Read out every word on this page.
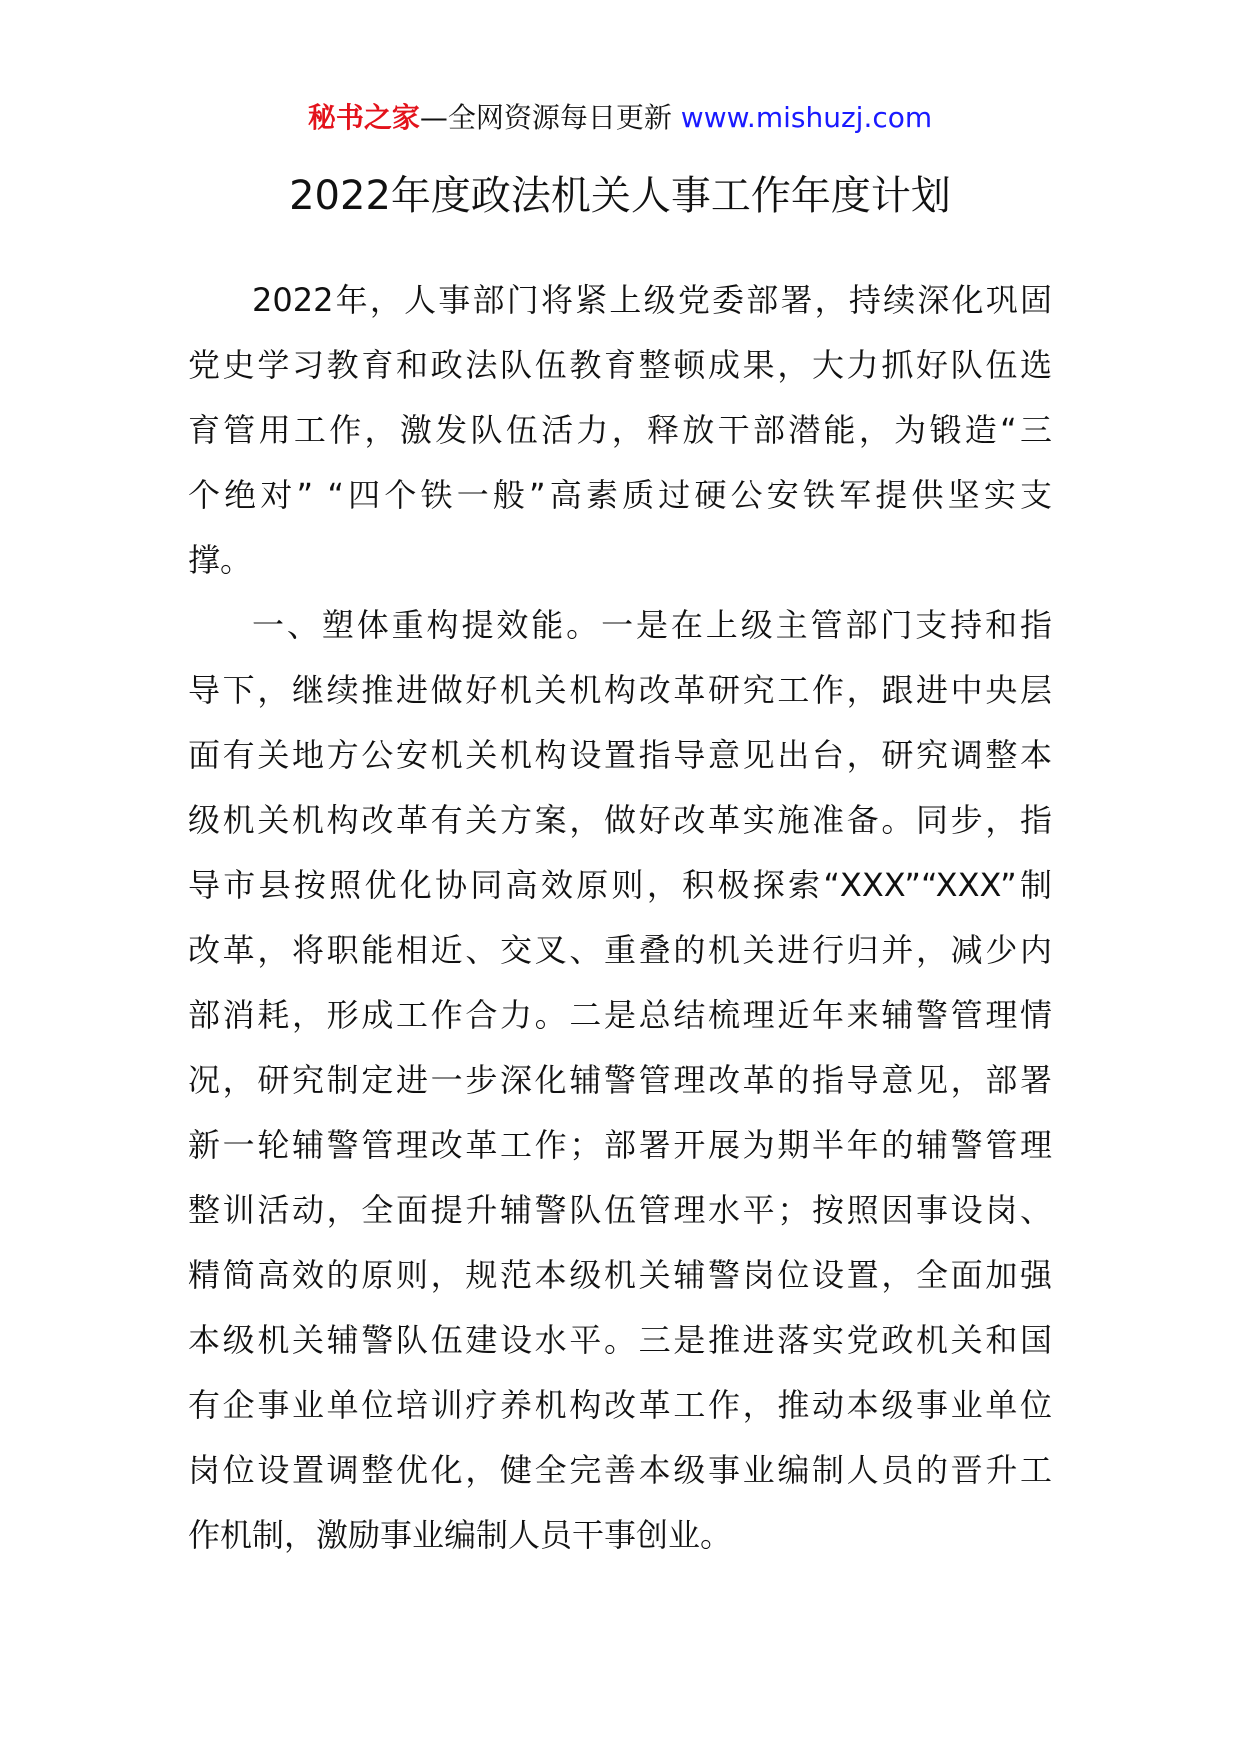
秘书之家—全网资源每日更新 www.mishuzj.com
2022年度政法机关人事工作年度计划
2022年，人事部门将紧上级党委部署，持续深化巩固
党史学习教育和政法队伍教育整顿成果，大力抓好队伍选
育管用工作，激发队伍活力，释放干部潜能，为锻造“三
个绝对” “四个铁一般”高素质过硬公安铁军提供坚实支
撑。
一、塑体重构提效能。一是在上级主管部门支持和指
导下，继续推进做好机关机构改革研究工作，跟进中央层
面有关地方公安机关机构设置指导意见出台，研究调整本
级机关机构改革有关方案，做好改革实施准备。同步，指
导市县按照优化协同高效原则，积极探索“XXX”“XXX”制
改革，将职能相近、交叉、重叠的机关进行归并，减少内
部消耗，形成工作合力。二是总结梳理近年来辅警管理情
况，研究制定进一步深化辅警管理改革的指导意见，部署
新一轮辅警管理改革工作；部署开展为期半年的辅警管理
整训活动，全面提升辅警队伍管理水平；按照因事设岗、
精简高效的原则，规范本级机关辅警岗位设置，全面加强
本级机关辅警队伍建设水平。三是推进落实党政机关和国
有企事业单位培训疗养机构改革工作，推动本级事业单位
岗位设置调整优化，健全完善本级事业编制人员的晋升工
作机制，激励事业编制人员干事创业。
